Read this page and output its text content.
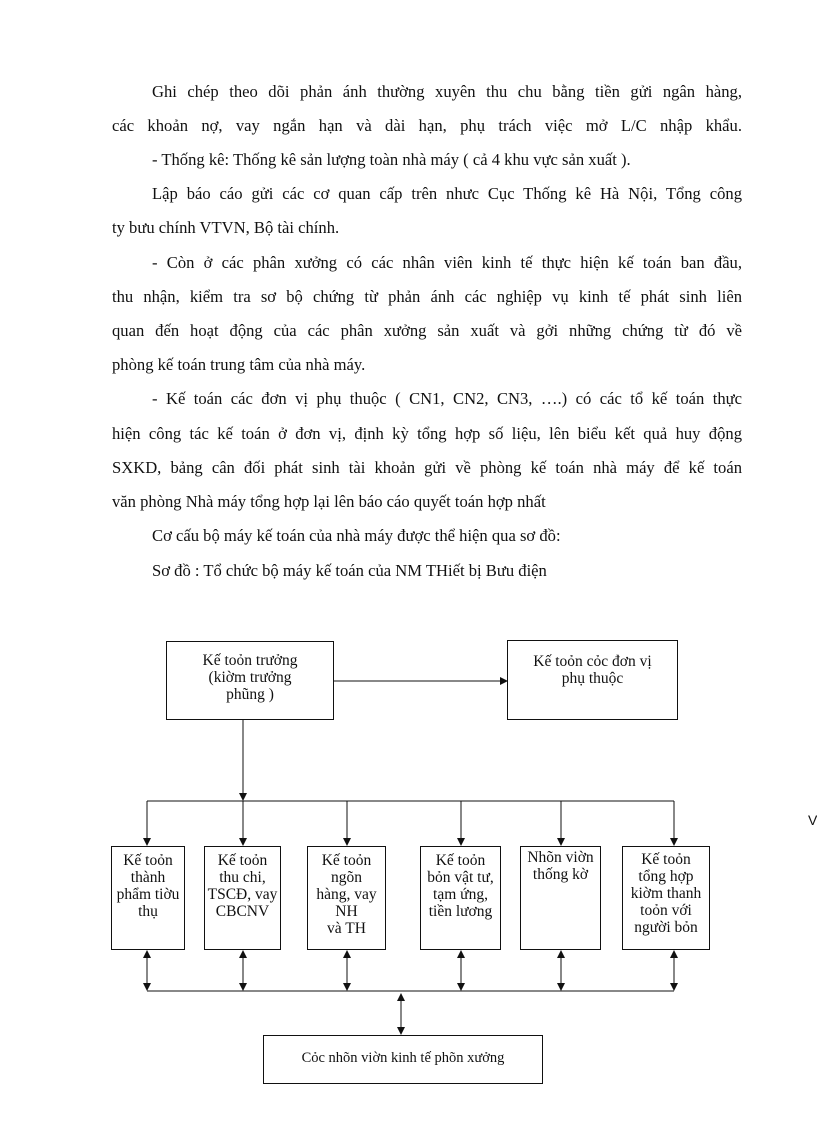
Ghi chép theo dõi phản ánh thường xuyên thu chu bằng tiền gửi ngân hàng,

các khoản nợ, vay ngắn hạn và dài hạn, phụ trách việc mở L/C nhập khẩu.

- Thống kê: Thống kê sản lượng toàn nhà máy ( cả 4 khu vực sản xuất ).

Lập báo cáo gửi các cơ quan cấp trên nhưc Cục Thống kê Hà Nội, Tổng công

ty bưu chính VTVN, Bộ tài chính.

- Còn ở các phân xưởng có các nhân viên kinh tế thực hiện kế toán ban đầu,

thu nhận, kiểm tra sơ bộ chứng từ phản ánh các nghiệp vụ kinh tế phát sinh liên

quan đến hoạt động của các phân xưởng sản xuất và gởi những chứng từ đó về

phòng kế toán trung tâm của nhà máy.

- Kế toán các đơn vị phụ thuộc ( CN1, CN2, CN3, ….) có các tổ kế toán thực

hiện công tác kế toán ở đơn vị, định kỳ tổng hợp số liệu, lên biểu kết quả huy động

SXKD, bảng cân đối phát sinh tài khoản gửi về phòng kế toán nhà máy để kế toán

văn phòng Nhà máy tổng hợp lại lên báo cáo quyết toán hợp nhất

Cơ cấu bộ máy kế toán của nhà máy được thể hiện qua sơ đồ:

Sơ đồ : Tổ chức bộ máy kế toán của NM THiết bị Bưu điện

Kế toỏn trưởng
(kiờm trưởng
phũng )
Kế toỏn cỏc đơn vị
phụ thuộc
Kế toỏn
thành
phẩm tiờu
thụ
Kế toỏn
thu chi,
TSCĐ, vay
CBCNV
Kế toỏn
ngõn
hàng, vay
NH
và TH
Kế toỏn
bỏn vật tư,
tạm ứng,
tiền lương
Nhõn viờn
thống kờ
Kế toỏn
tổng hợp
kiờm thanh
toỏn với
người bỏn
Cỏc nhõn viờn kinh tế phõn xưởng
V
